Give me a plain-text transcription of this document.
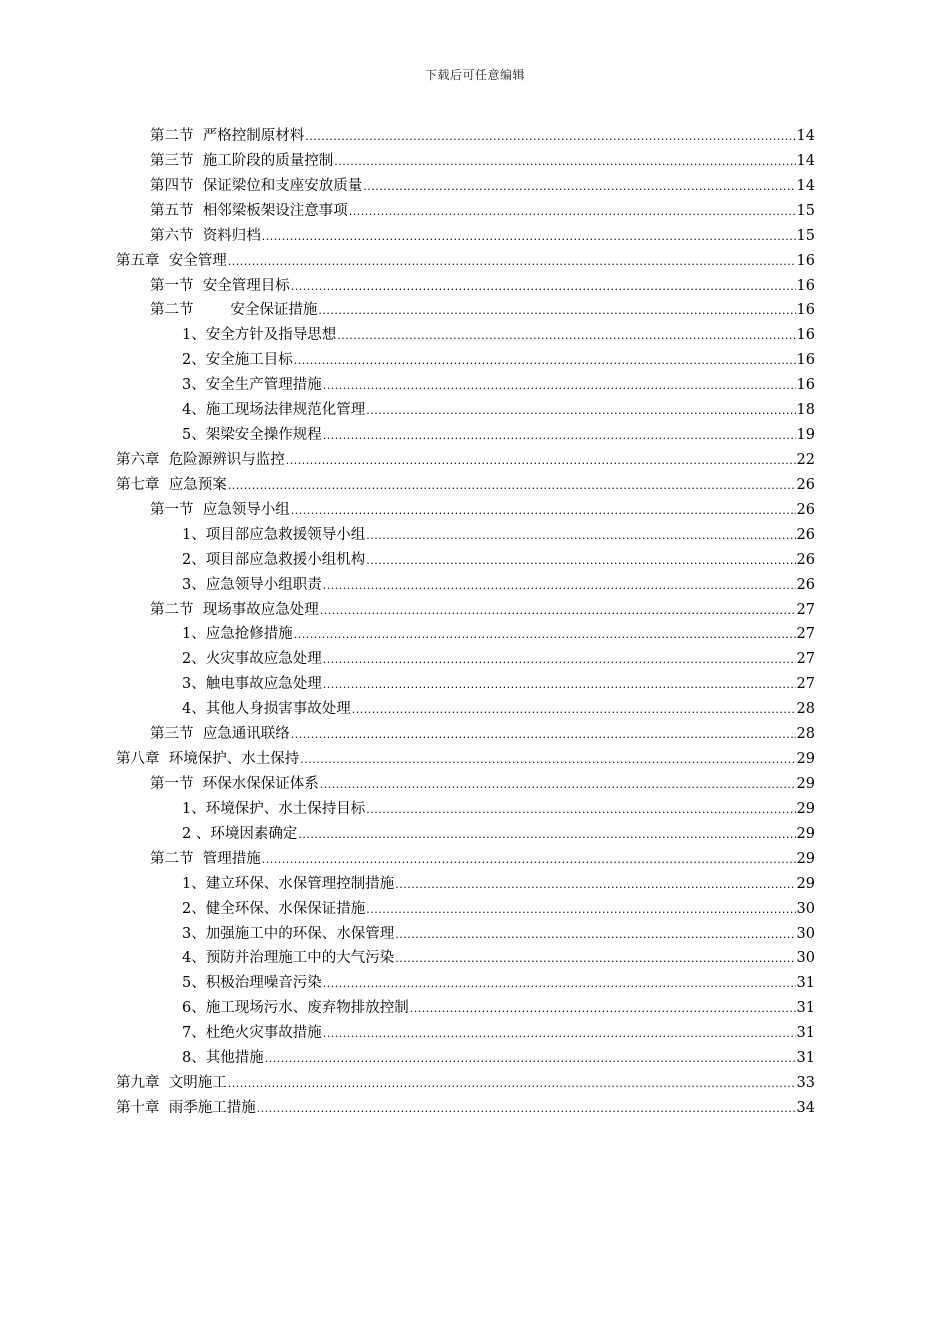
下载后可任意编辑
第二节  严格控制原材料 .....	14
第三节  施工阶段的质量控制 .....	14
第四节  保证梁位和支座安放质量 .....	14
第五节  相邻梁板架设注意事项 .....	15
第六节  资料归档 .....	15
第五章  安全管理 .....	16
第一节  安全管理目标 .....	16
第二节        安全保证措施 .....	16
1、安全方针及指导思想 .....	16
2、安全施工目标 .....	16
3、安全生产管理措施 .....	16
4、施工现场法律规范化管理 .....	18
5、架梁安全操作规程 .....	19
第六章  危险源辨识与监控 .....	22
第七章  应急预案 .....	26
第一节  应急领导小组 .....	26
1、项目部应急救援领导小组 .....	26
2、项目部应急救援小组机构 .....	26
3、应急领导小组职责 .....	26
第二节  现场事故应急处理 .....	27
1、应急抢修措施 .....	27
2、火灾事故应急处理 .....	27
3、触电事故应急处理 .....	27
4、其他人身损害事故处理 .....	28
第三节  应急通讯联络 .....	28
第八章  环境保护、水土保持 .....	29
第一节  环保水保保证体系 .....	29
1、环境保护、水土保持目标 .....	29
2 、环境因素确定 .....	29
第二节  管理措施 .....	29
1、建立环保、水保管理控制措施 .....	29
2、健全环保、水保保证措施 .....	30
3、加强施工中的环保、水保管理 .....	30
4、预防并治理施工中的大气污染 .....	30
5、积极治理噪音污染 .....	31
6、施工现场污水、废弃物排放控制 .....	31
7、杜绝火灾事故措施 .....	31
8、其他措施 .....	31
第九章  文明施工 .....	33
第十章  雨季施工措施 .....	34
